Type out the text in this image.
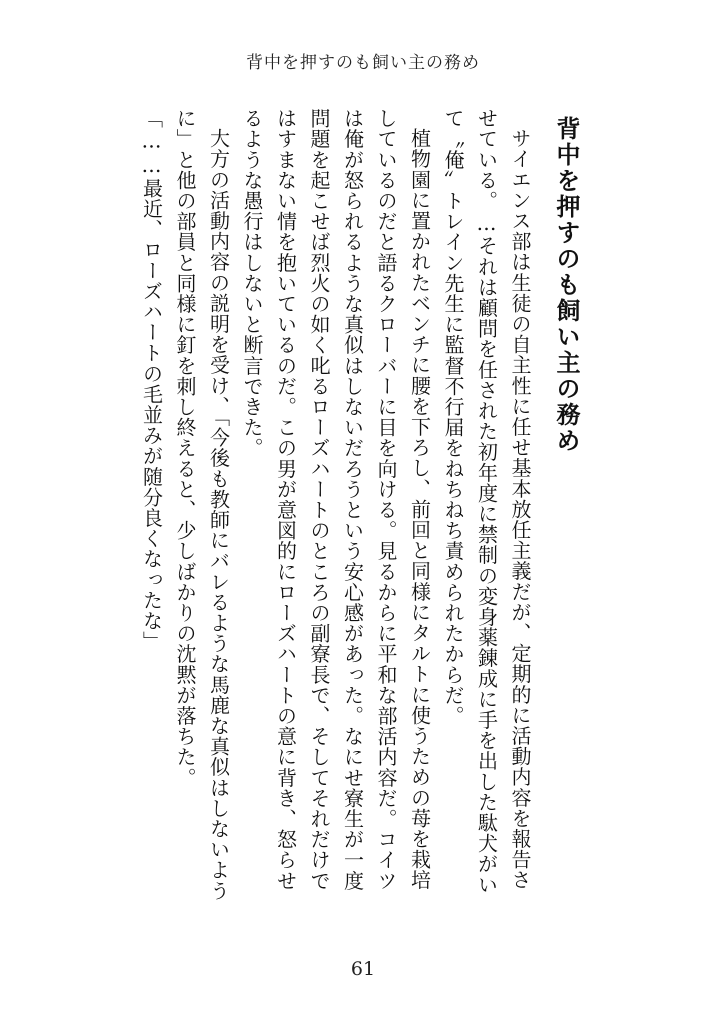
背中を押すのも飼い主の務め
背中を押すのも飼い主の務め

サイエンス部は生徒の自主性に任せ基本放任主義だが、定期的に活動内容を報告させている。…それは顧問を任された初年度に禁制の変身薬錬成に手を出した駄犬がいて〝俺〟トレイン先生に監督不行届をねちねち責められたからだ。

植物園に置かれたベンチに腰を下ろし、前回と同様にタルトに使うための苺を栽培しているのだと語るクローバーに目を向ける。見るからに平和な部活内容だ。コイツは俺が怒られるような真似はしないだろうという安心感があった。なにせ寮生が一度問題を起こせば烈火の如く叱るローズハートのところの副寮長で、そしてそれだけではすまない情を抱いているのだ。この男が意図的にローズハートの意に背き、怒らせるような愚行はしないと断言できた。

大方の活動内容の説明を受け、「今後も教師にバレるような馬鹿な真似はしないように」と他の部員と同様に釘を刺し終えると、少しばかりの沈黙が落ちた。

「……最近、ローズハートの毛並みが随分良くなったな」

61
